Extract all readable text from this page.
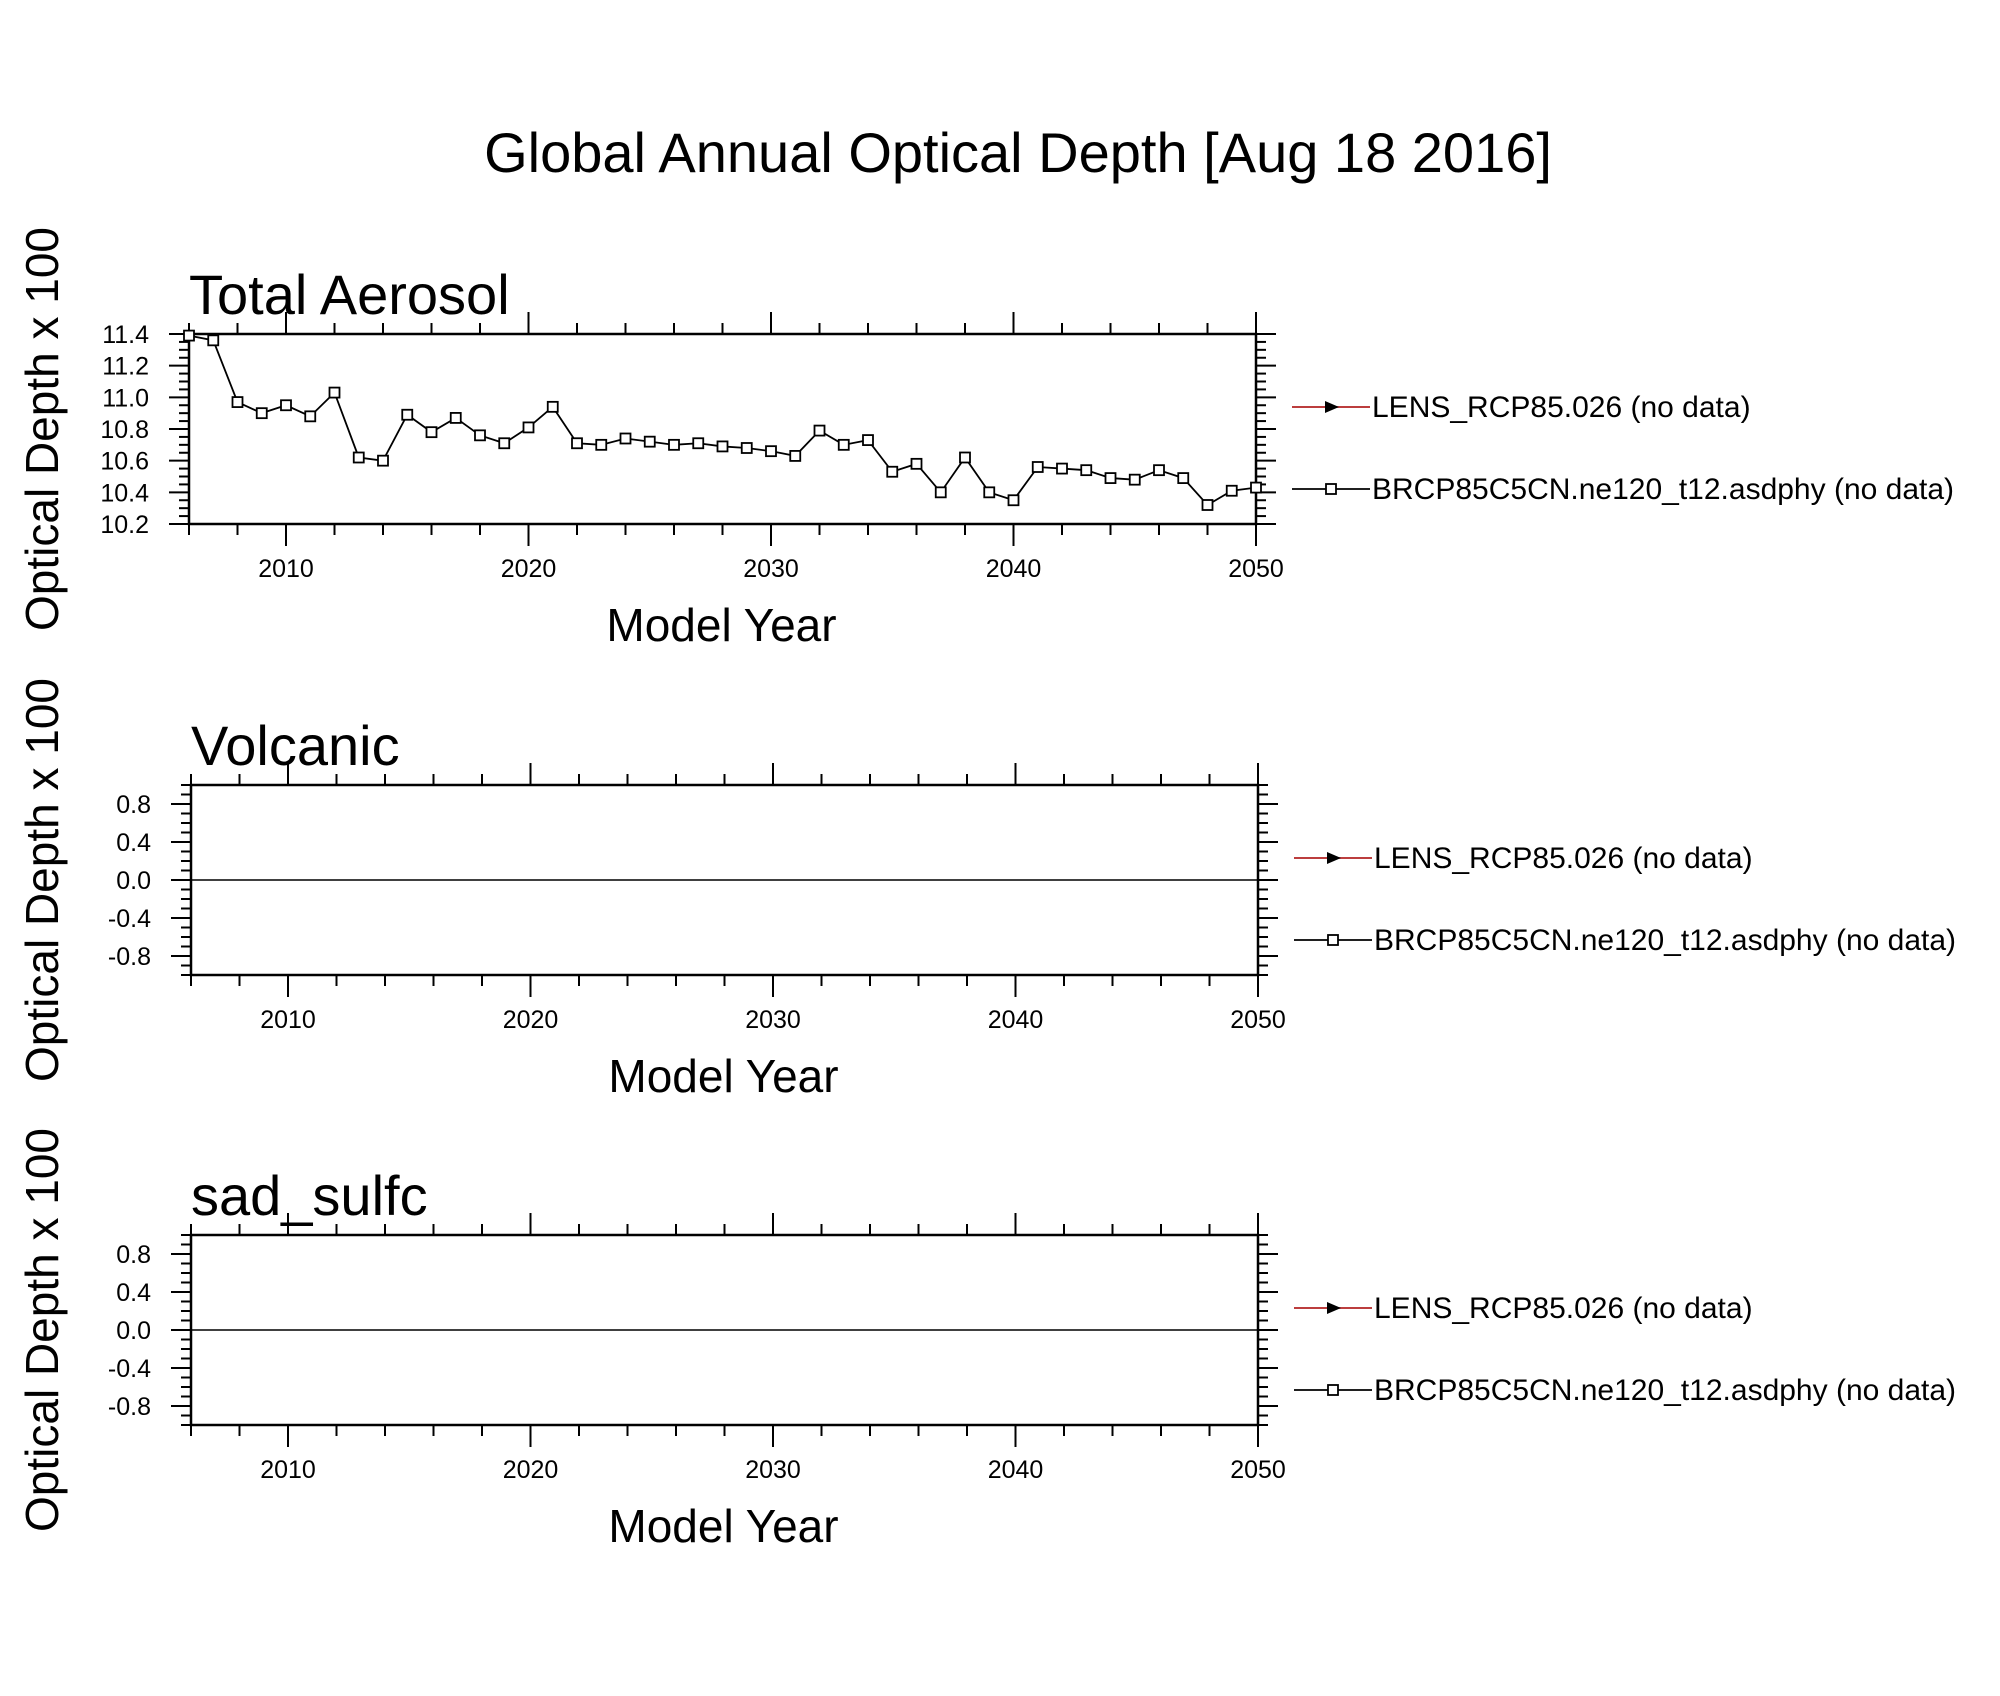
Global Annual Optical Depth [Aug 18 2016]
Total Aerosol
Optical Depth x 100	Model Year
2010	2020	2030	2040	2050
10.2
10.4
10.6
10.8
11.0
11.2
11.4
LENS_RCP85.026 (no data)
BRCP85C5CN.ne120_t12.asdphy (no data)
Volcanic
Optical Depth x 100	Model Year
2010	2020	2030	2040	2050
-0.8
-0.4
0.0
0.4
0.8
LENS_RCP85.026 (no data)
BRCP85C5CN.ne120_t12.asdphy (no data)
sad_sulfc
Optical Depth x 100	Model Year
2010	2020	2030	2040	2050
-0.8
-0.4
0.0
0.4
0.8
LENS_RCP85.026 (no data)
BRCP85C5CN.ne120_t12.asdphy (no data)
